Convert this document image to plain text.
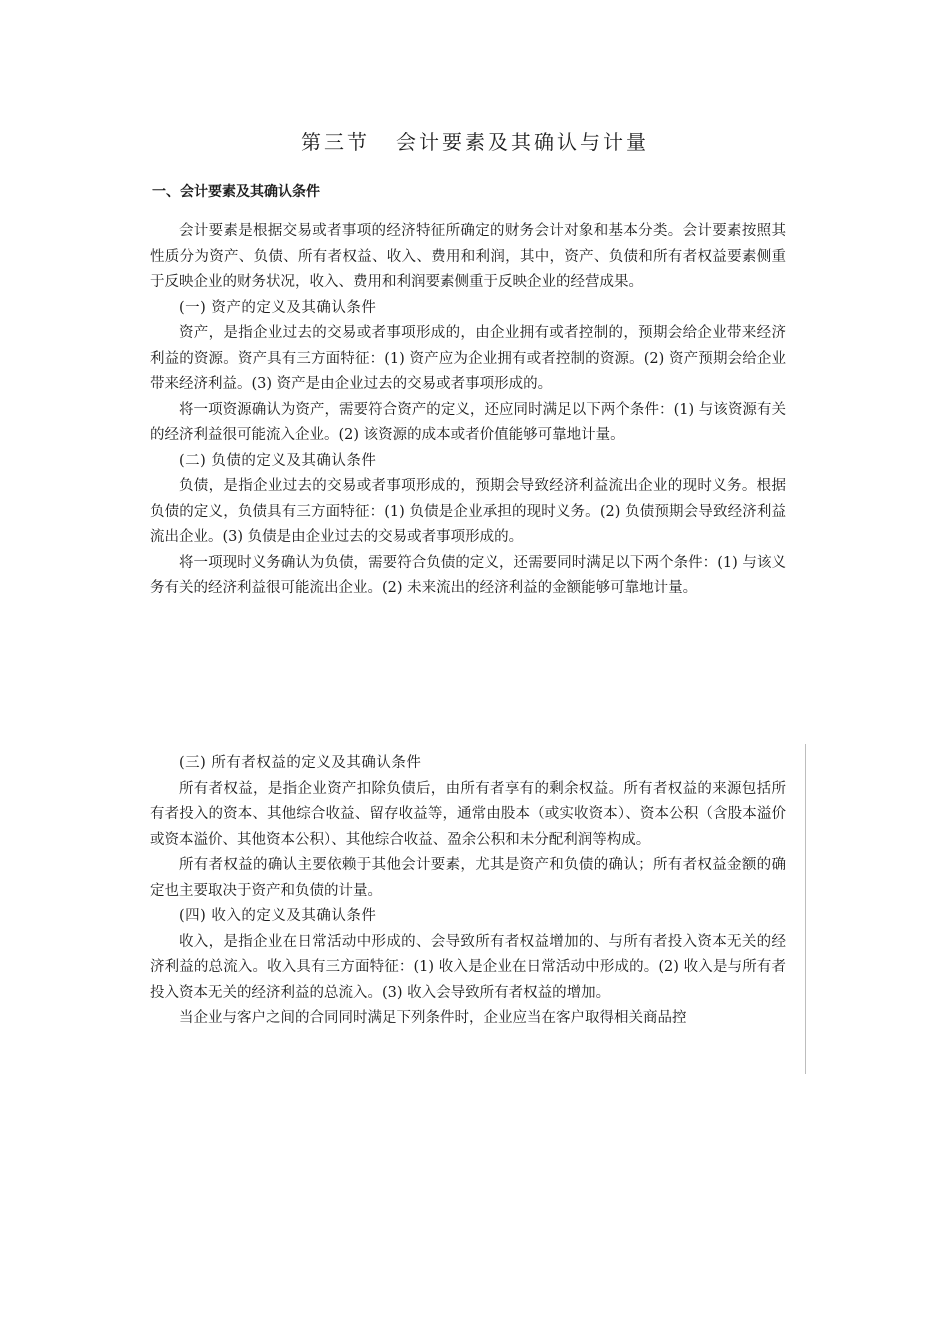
第三节 会计要素及其确认与计量
一、会计要素及其确认条件

会计要素是根据交易或者事项的经济特征所确定的财务会计对象和基本分类。会计要素按照其性质分为资产、负债、所有者权益、收入、费用和利润，其中，资产、负债和所有者权益要素侧重于反映企业的财务状况，收入、费用和利润要素侧重于反映企业的经营成果。

(一) 资产的定义及其确认条件

资产，是指企业过去的交易或者事项形成的，由企业拥有或者控制的，预期会给企业带来经济利益的资源。资产具有三方面特征：(1) 资产应为企业拥有或者控制的资源。(2) 资产预期会给企业带来经济利益。(3) 资产是由企业过去的交易或者事项形成的。

将一项资源确认为资产，需要符合资产的定义，还应同时满足以下两个条件：(1) 与该资源有关的经济利益很可能流入企业。(2) 该资源的成本或者价值能够可靠地计量。

(二) 负债的定义及其确认条件

负债，是指企业过去的交易或者事项形成的，预期会导致经济利益流出企业的现时义务。根据负债的定义，负债具有三方面特征：(1) 负债是企业承担的现时义务。(2) 负债预期会导致经济利益流出企业。(3) 负债是由企业过去的交易或者事项形成的。

将一项现时义务确认为负债，需要符合负债的定义，还需要同时满足以下两个条件：(1) 与该义务有关的经济利益很可能流出企业。(2) 未来流出的经济利益的金额能够可靠地计量。

(三) 所有者权益的定义及其确认条件

所有者权益，是指企业资产扣除负债后，由所有者享有的剩余权益。所有者权益的来源包括所有者投入的资本、其他综合收益、留存收益等，通常由股本（或实收资本）、资本公积（含股本溢价或资本溢价、其他资本公积）、其他综合收益、盈余公积和未分配利润等构成。

所有者权益的确认主要依赖于其他会计要素，尤其是资产和负债的确认；所有者权益金额的确定也主要取决于资产和负债的计量。

(四) 收入的定义及其确认条件

收入，是指企业在日常活动中形成的、会导致所有者权益增加的、与所有者投入资本无关的经济利益的总流入。收入具有三方面特征：(1) 收入是企业在日常活动中形成的。(2) 收入是与所有者投入资本无关的经济利益的总流入。(3) 收入会导致所有者权益的增加。

当企业与客户之间的合同同时满足下列条件时，企业应当在客户取得相关商品控
